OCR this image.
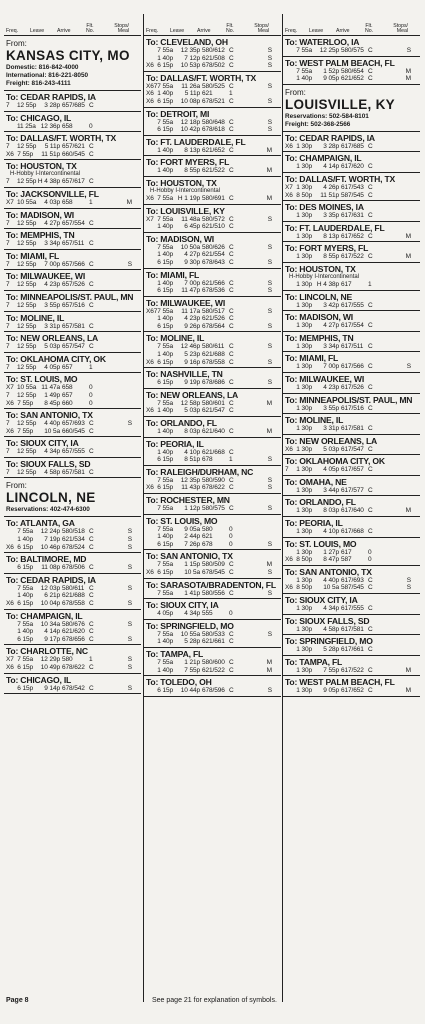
Freq.	Leave	Arrive
Flt.
No.
Stops/
Meal
From:
KANSAS CITY, MO
Domestic: 816-842-4000
International: 816-221-8050
Freight: 816-243-4111
To: CEDAR RAPIDS, IA
7	12 55p	3 28p 657/685 C
To: CHICAGO, IL
11 25a 12 36p 658	0
To: DALLAS/FT. WORTH, TX
7	12 55p	5 11p 657/621 C
X6 7 55p	11 51p 660/545 C
To: HOUSTON, TX
H-Hobby I-Intercontinental
7	12 55p H 4 38p 657/617 C
To: JACKSONVILLE, FL
X7 10 55a	4 03p 658	1	M
To: MADISON, WI
7	12 55p	4 27p 657/554 C
To: MEMPHIS, TN
7	12 55p	3 34p 657/511 C
To: MIAMI, FL
7	12 55p	7 00p 657/566 C	S
To: MILWAUKEE, WI
7	12 55p	4 23p 657/526 C
To: MINNEAPOLIS/ST. PAUL, MN
7	12 55p	3 55p 657/516 C
To: MOLINE, IL
7	12 55p	3 31p 657/581 C
To: NEW ORLEANS, LA
7	12 55p	5 03p 657/547 C
To: OKLAHOMA CITY, OK
7	12 55p	4 05p 657	1
To: ST. LOUIS, MO
X7 10 55a 11 47a 658	0
7	12 55p	1 49p 657	0
X6 7 55p	8 45p 660	0
To: SAN ANTONIO, TX
7	12 55p	4 40p 657/693 C	S
X6 7 55p	10 5a 660/545 C
To: SIOUX CITY, IA
7	12 55p	4 34p 657/555 C
To: SIOUX FALLS, SD
7	12 55p	4 58p 657/581 C
From:
LINCOLN, NE
Reservations: 402-474-6300
To: ATLANTA, GA
7 55a	12 24p 580/518 C	S
1 40p	7 19p 621/534 C	S
X6 6 15p	10 46p 678/524 C	S
To: BALTIMORE, MD
6 15p	11 08p 678/506 C	S
To: CEDAR RAPIDS, IA
7 55a	12 03p 580/611 C	S
1 40p	6 21p 621/688 C
X6 6 15p	10 04p 678/558 C	S
To: CHAMPAIGN, IL
7 55a	10 34a 580/676 C	S
1 40p	4 14p 621/620 C
6 15p	9 17p 678/656 C	S
To: CHARLOTTE, NC
X7 7 55a	12 29p 580	1	S
X6 6 15p	10 49p 678/622 C	S
To: CHICAGO, IL
6 15p	9 14p 678/542 C	S
Freq.	Leave	Arrive
Flt.
No.
Stops/
Meal
To: CLEVELAND, OH
7 55a	12 35p 580/612 C	S
1 40p	7 12p 621/508 C	S
X6 6 15p	10 53p 678/502 C	S
To: DALLAS/FT. WORTH, TX
X67 7 55a	11 26a 580/525 C	S
X6 1 40p	5 11p 621	1
X6 6 15p	10 08p 678/521 C	S
To: DETROIT, MI
7 55a	12 18p 580/648 C	S
6 15p	10 42p 678/618 C	S
To: FT. LAUDERDALE, FL
1 40p	8 13p 621/652 C	M
To: FORT MYERS, FL
1 40p	8 55p 621/522 C	M
To: HOUSTON, TX
H-Hobby I-Intercontinental
X6 7 55a H 1 19p 580/691 C	M
To: LOUISVILLE, KY
X7 7 55a	11 48a 580/572 C	S
1 40p	6 45p 621/510 C
To: MADISON, WI
7 55a	10 50a 580/626 C	S
1 40p	4 27p 621/554 C
6 15p	9 30p 678/643 C	S
To: MIAMI, FL
1 40p	7 00p 621/566 C	S
6 15p	11 47p 678/536 C	S
To: MILWAUKEE, WI
X67 7 55a	11 17a 580/517 C	S
1 40p	4 23p 621/526 C
6 15p	9 26p 678/564 C	S
To: MOLINE, IL
7 55a	12 46p 580/611 C	S
1 40p	5 23p 621/688 C
X6 6 15p	9 16p 678/558 C	S
To: NASHVILLE, TN
6 15p	9 19p 678/686 C	S
To: NEW ORLEANS, LA
7 55a	12 58p 580/601 C	M
X6 1 40p	5 03p 621/547 C
To: ORLANDO, FL
1 40p	8 03p 621/640 C	M
To: PEORIA, IL
1 40p	4 10p 621/668 C
6 15p	8 51p 678	1	S
To: RALEIGH/DURHAM, NC
7 55a	12 35p 580/590 C	S
X6 6 15p	11 43p 678/622 C	S
To: ROCHESTER, MN
7 55a	1 12p 580/575 C	S
To: ST. LOUIS, MO
7 55a	9 05a 580	0
1 40p	2 44p 621	0
6 15p	7 26p 678	0	S
To: SAN ANTONIO, TX
7 55a	1 15p 580/509 C	M
X6 6 15p	10 5a 678/545 C	S
To: SARASOTA/BRADENTON, FL
7 55a	1 41p 580/556 C	S
To: SIOUX CITY, IA
4 05p	4 34p 555	0
To: SPRINGFIELD, MO
7 55a	10 55a 580/533 C	S
1 40p	5 28p 621/661 C
To: TAMPA, FL
7 55a	1 21p 580/600 C	M
1 40p	7 55p 621/522 C	M
To: TOLEDO, OH
6 15p	10 44p 678/596 C	S
Freq.	Leave	Arrive
Flt.
No.
Stops/
Meal
To: WATERLOO, IA
7 55a	12 25p 580/575 C	S
To: WEST PALM BEACH, FL
7 55a	1 52p 580/654 C	M
1 40p	9 05p 621/652 C	M
From:
LOUISVILLE, KY
Reservations: 502-584-8101
Freight: 502-368-2566
To: CEDAR RAPIDS, IA
X6 1 30p	3 28p 617/685 C
To: CHAMPAIGN, IL
1 30p	4 14p 617/620 C
To: DALLAS/FT. WORTH, TX
X7 1 30p	4 26p 617/543 C
X6 8 50p	11 51p 587/545 C
To: DES MOINES, IA
1 30p	3 35p 617/631 C
To: FT. LAUDERDALE, FL
1 30p	8 13p 617/652 C	M
To: FORT MYERS, FL
1 30p	8 55p 617/522 C	M
To: HOUSTON, TX
H-Hobby I-Intercontinental
1 30p H 4 38p 617	1
To: LINCOLN, NE
1 30p	3 42p 617/555 C
To: MADISON, WI
1 30p	4 27p 617/554 C
To: MEMPHIS, TN
1 30p	3 34p 617/511 C
To: MIAMI, FL
1 30p	7 00p 617/566 C	S
To: MILWAUKEE, WI
1 30p	4 23p 617/526 C
To: MINNEAPOLIS/ST. PAUL, MN
1 30p	3 55p 617/516 C
To: MOLINE, IL
1 30p	3 31p 617/581 C
To: NEW ORLEANS, LA
X6 1 30p	5 03p 617/547 C
To: OKLAHOMA CITY, OK
7	1 30p	4 05p 617/657 C
To: OMAHA, NE
1 30p	3 44p 617/577 C
To: ORLANDO, FL
1 30p	8 03p 617/640 C	M
To: PEORIA, IL
1 30p	4 10p 617/668 C
To: ST. LOUIS, MO
1 30p	1 27p 617	0
X6 8 50p	8 47p 587	0
To: SAN ANTONIO, TX
1 30p	4 40p 617/693 C	S
X6 8 50p	10 5a 587/545 C	S
To: SIOUX CITY, IA
1 30p	4 34p 617/555 C
To: SIOUX FALLS, SD
1 30p	4 58p 617/581 C
To: SPRINGFIELD, MO
1 30p	5 28p 617/661 C
To: TAMPA, FL
1 30p	7 55p 617/522 C	M
To: WEST PALM BEACH, FL
1 30p	9 05p 617/652 C	M
Page 8	See page 21 for explanation of symbols.
